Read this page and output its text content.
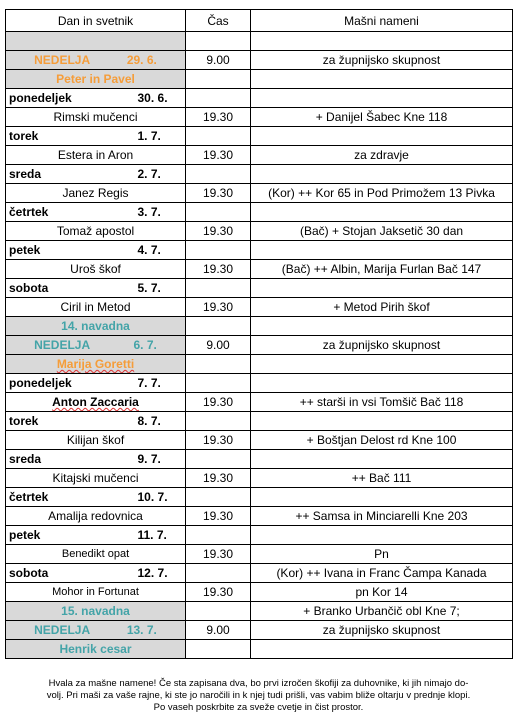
Dan in svetnik		Čas	Mašni nameni

NEDELJA 29. 6.		9.00	za župnijsko skupnost
Peter in Pavel			
ponedeljek	30. 6.		
Rimski mučenci		19.30	+ Danijel Šabec Kne 118
torek	1. 7.		
Estera in Aron		19.30	za zdravje
sreda	2. 7.		
Janez Regis		19.30	(Kor) ++ Kor 65 in Pod Primožem 13 Pivka
četrtek	3. 7.		
Tomaž apostol		19.30	(Bač) + Stojan Jaksetič 30 dan
petek	4. 7.		
Uroš škof		19.30	(Bač) ++ Albin, Marija Furlan Bač 147
sobota	5. 7.		
Ciril in Metod		19.30	+ Metod Pirih škof
14. navadna			
NEDELJA 6. 7.		9.00	za župnijsko skupnost
Marija Goretti			
ponedeljek	7. 7.		
Anton Zaccaria		19.30	++ starši in vsi Tomšič Bač 118
torek	8. 7.		
Kilijan škof		19.30	+ Boštjan Delost rd Kne 100
sreda	9. 7.		
Kitajski mučenci		19.30	++ Bač 111
četrtek	10. 7.		
Amalija redovnica		19.30	++ Samsa in Minciarelli Kne 203
petek	11. 7.		
Benedikt opat		19.30	Pn
sobota	12. 7.		(Kor) ++ Ivana in Franc Čampa Kanada
Mohor in Fortunat		19.30	pn Kor 14
15. navadna			+ Branko Urbančič obl Kne 7;
NEDELJA 13. 7.		9.00	za župnijsko skupnost
Henrik cesar			
Hvala za mašne namene! Če sta zapisana dva, bo prvi izročen škofiji za duhovnike, ki jih nimajo do-
volj. Pri maši za vaše rajne, ki ste jo naročili in k njej tudi prišli, vas vabim bliže oltarju v prednje klopi.
Po vaseh poskrbite za sveže cvetje in čist prostor.
